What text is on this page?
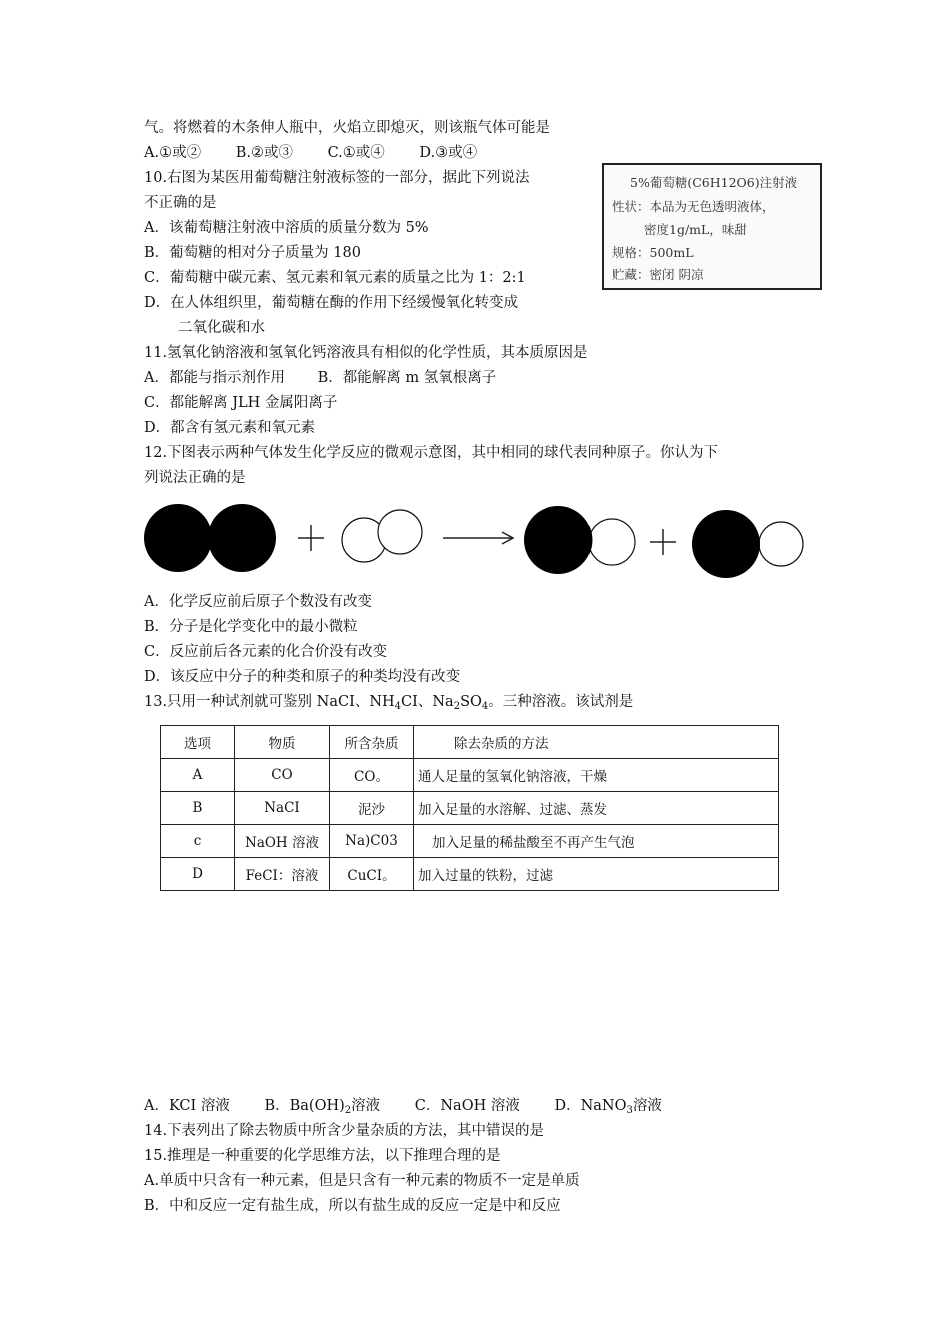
气。将燃着的木条伸人瓶中，火焰立即熄灭，则该瓶气体可能是
A.①或② B.②或③ C.①或④ D.③或④
10.右图为某医用葡萄糖注射液标签的一部分，据此下列说法
不正确的是
A．该葡萄糖注射液中溶质的质量分数为 5%
B．葡萄糖的相对分子质量为 180
C．葡萄糖中碳元素、氢元素和氧元素的质量之比为 1：2:1
D．在人体组织里，葡萄糖在酶的作用下经缓慢氧化转变成
二氧化碳和水
5%葡萄糖(C6H12O6)注射液
性状：本品为无色透明液体，
密度1g/mL，味甜
规格：500mL
贮藏：密闭 阴凉
11.氢氧化钠溶液和氢氧化钙溶液具有相似的化学性质，其本质原因是
A．都能与指示剂作用 B．都能解离 m 氢氧根离子
C．都能解离 JLH 金属阳离子
D．都含有氢元素和氧元素
12.下图表示两种气体发生化学反应的微观示意图，其中相同的球代表同种原子。你认为下
列说法正确的是
A．化学反应前后原子个数没有改变
B．分子是化学变化中的最小微粒
C．反应前后各元素的化合价没有改变
D．该反应中分子的种类和原子的种类均没有改变
13.只用一种试剂就可鉴别 NaCI、$NH_4CI$、$Na_2SO_4$。三种溶液。该试剂是
选项	物质	所含杂质	除去杂质的方法
A	CO	CO。	通人足量的氢氧化钠溶液，干燥
B	NaCI	泥沙	加入足量的水溶解、过滤、蒸发
c	NaOH 溶液	Na)C03	加入足量的稀盐酸至不再产生气泡
D	FeCI：溶液	CuCI。	加入过量的铁粉，过滤
A．KCI 溶液 B．$Ba(OH)_2$溶液 C．NaOH 溶液 D．NaNO$_3$溶液
14.下表列出了除去物质中所含少量杂质的方法，其中错误的是
15.推理是一种重要的化学思维方法，以下推理合理的是
A.单质中只含有一种元素，但是只含有一种元素的物质不一定是单质
B．中和反应一定有盐生成，所以有盐生成的反应一定是中和反应
